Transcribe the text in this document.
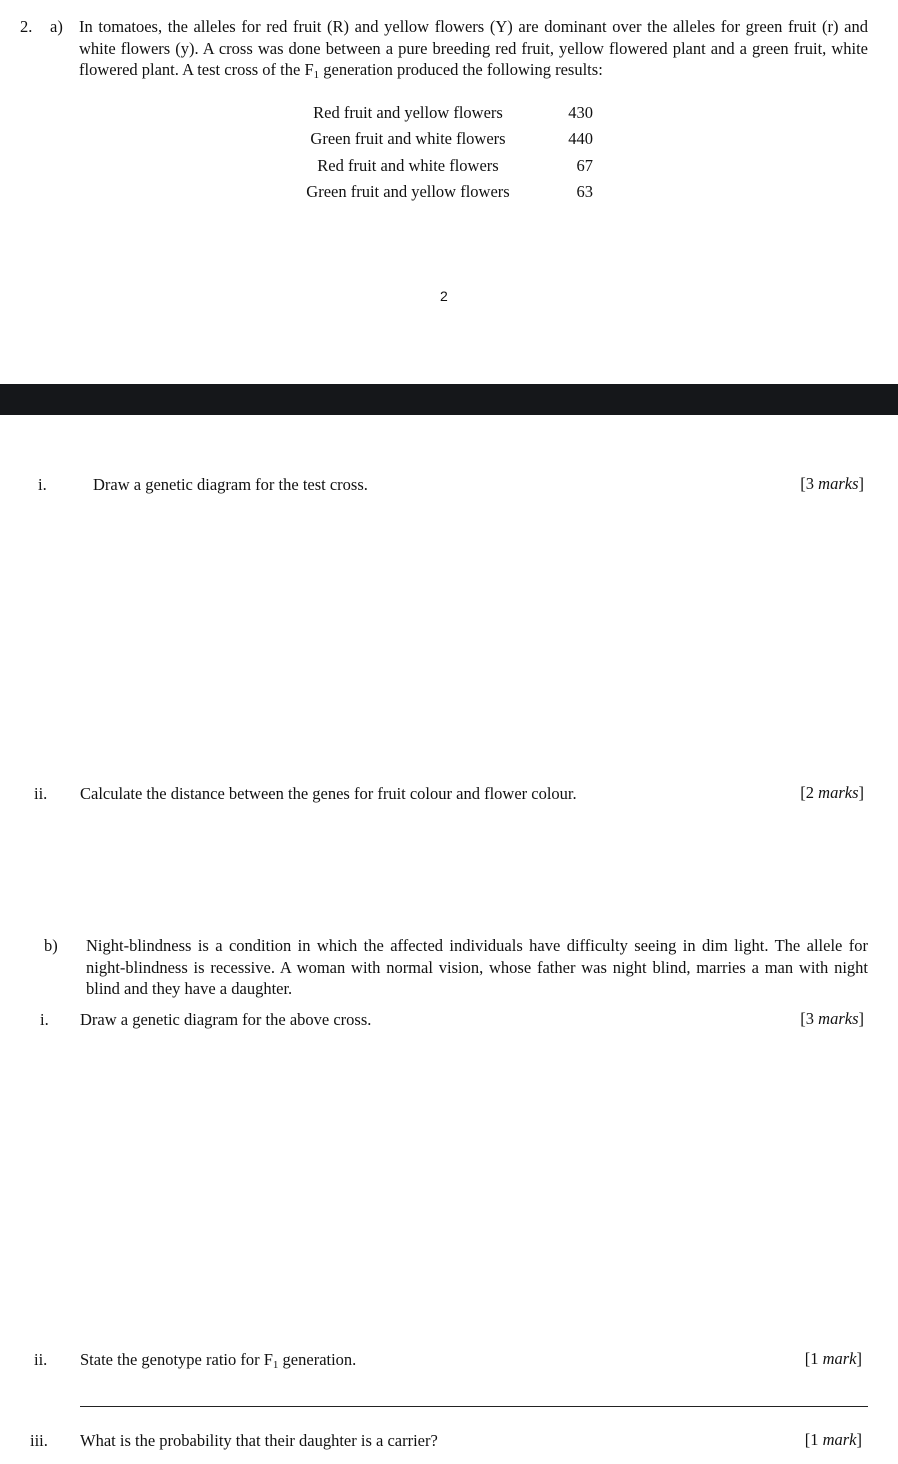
2. a) In tomatoes, the alleles for red fruit (R) and yellow flowers (Y) are dominant over the alleles for green fruit (r) and white flowers (y). A cross was done between a pure breeding red fruit, yellow flowered plant and a green fruit, white flowered plant. A test cross of the $F_1$ generation produced the following results:
Red fruit and yellow flowers	430
Green fruit and white flowers	440
Red fruit and white flowers	67
Green fruit and yellow flowers	63
2
i.	Draw a genetic diagram for the test cross.	[3 marks]
ii. Calculate the distance between the genes for fruit colour and flower colour.	[2 marks]
b) Night-blindness is a condition in which the affected individuals have difficulty seeing in dim light. The allele for night-blindness is recessive. A woman with normal vision, whose father was night blind, marries a man with night blind and they have a daughter.
i. Draw a genetic diagram for the above cross.	[3 marks]
ii. State the genotype ratio for $F_1$ generation.	[1 mark]
iii. What is the probability that their daughter is a carrier?	[1 mark]
